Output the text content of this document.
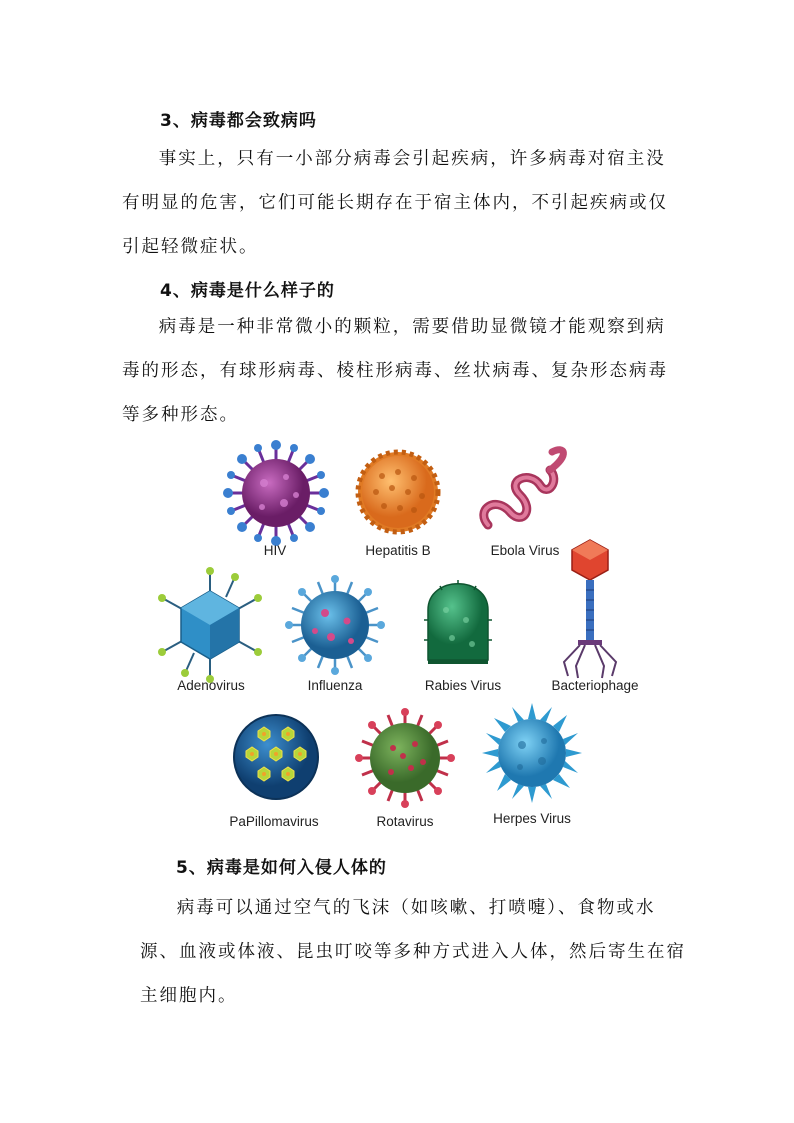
3、病毒都会致病吗

事实上，只有一小部分病毒会引起疾病，许多病毒对宿主没有明显的危害，它们可能长期存在于宿主体内，不引起疾病或仅引起轻微症状。

4、病毒是什么样子的

病毒是一种非常微小的颗粒，需要借助显微镜才能观察到病毒的形态，有球形病毒、棱柱形病毒、丝状病毒、复杂形态病毒等多种形态。

HIV	Hepatitis B	Ebola Virus
Adenovirus	Influenza	Rabies Virus	Bacteriophage
PaPillomavirus	Rotavirus	Herpes Virus
5、病毒是如何入侵人体的

病毒可以通过空气的飞沫（如咳嗽、打喷嚏）、食物或水源、血液或体液、昆虫叮咬等多种方式进入人体，然后寄生在宿主细胞内。
